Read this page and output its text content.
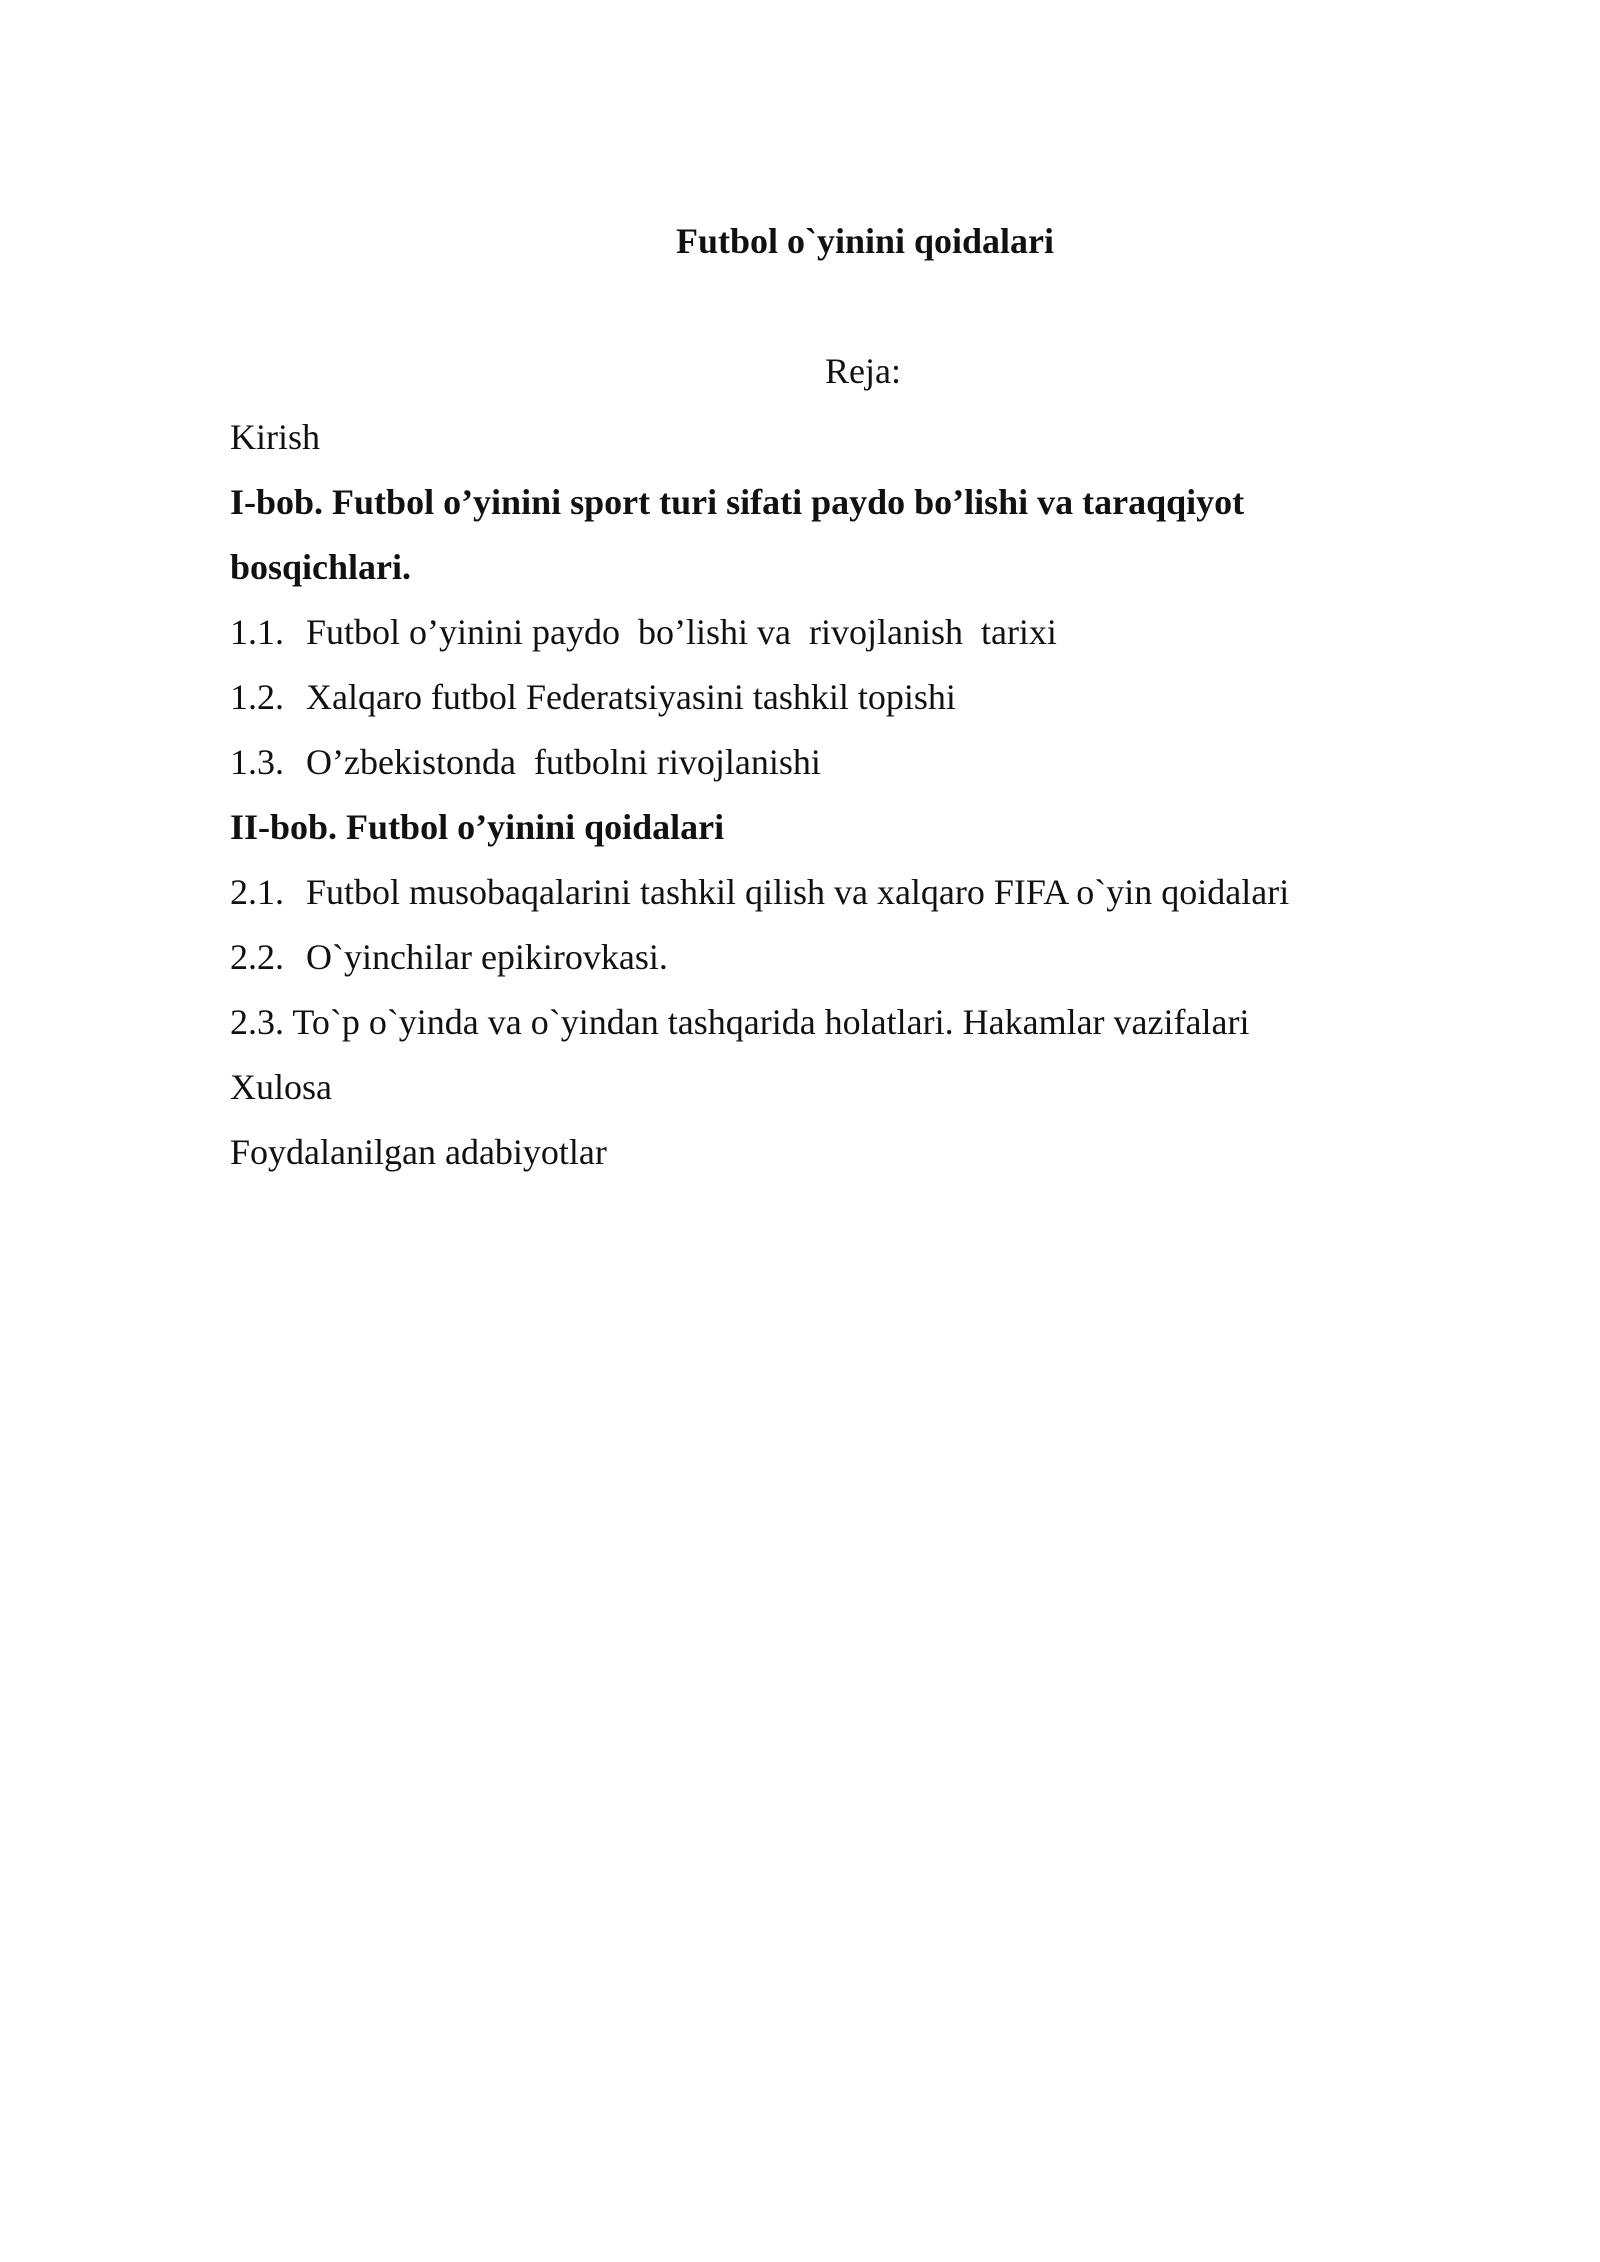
Futbol o`yinini qoidalari
Reja:
Kirish
I-bob. Futbol o’yinini sport turi sifati paydo bo’lishi va taraqqiyot
bosqichlari.
1.1. Futbol o’yinini paydo  bo’lishi va  rivojlanish  tarixi
1.2. Xalqaro futbol Federatsiyasini tashkil topishi
1.3. O’zbekistonda  futbolni rivojlanishi
II-bob. Futbol o’yinini qoidalari
2.1. Futbol musobaqalarini tashkil qilish va xalqaro FIFA o`yin qoidalari
2.2. O`yinchilar epikirovkasi.
2.3. To`p o`yinda va o`yindan tashqarida holatlari. Hakamlar vazifalari
Xulosa
Foydalanilgan adabiyotlar
